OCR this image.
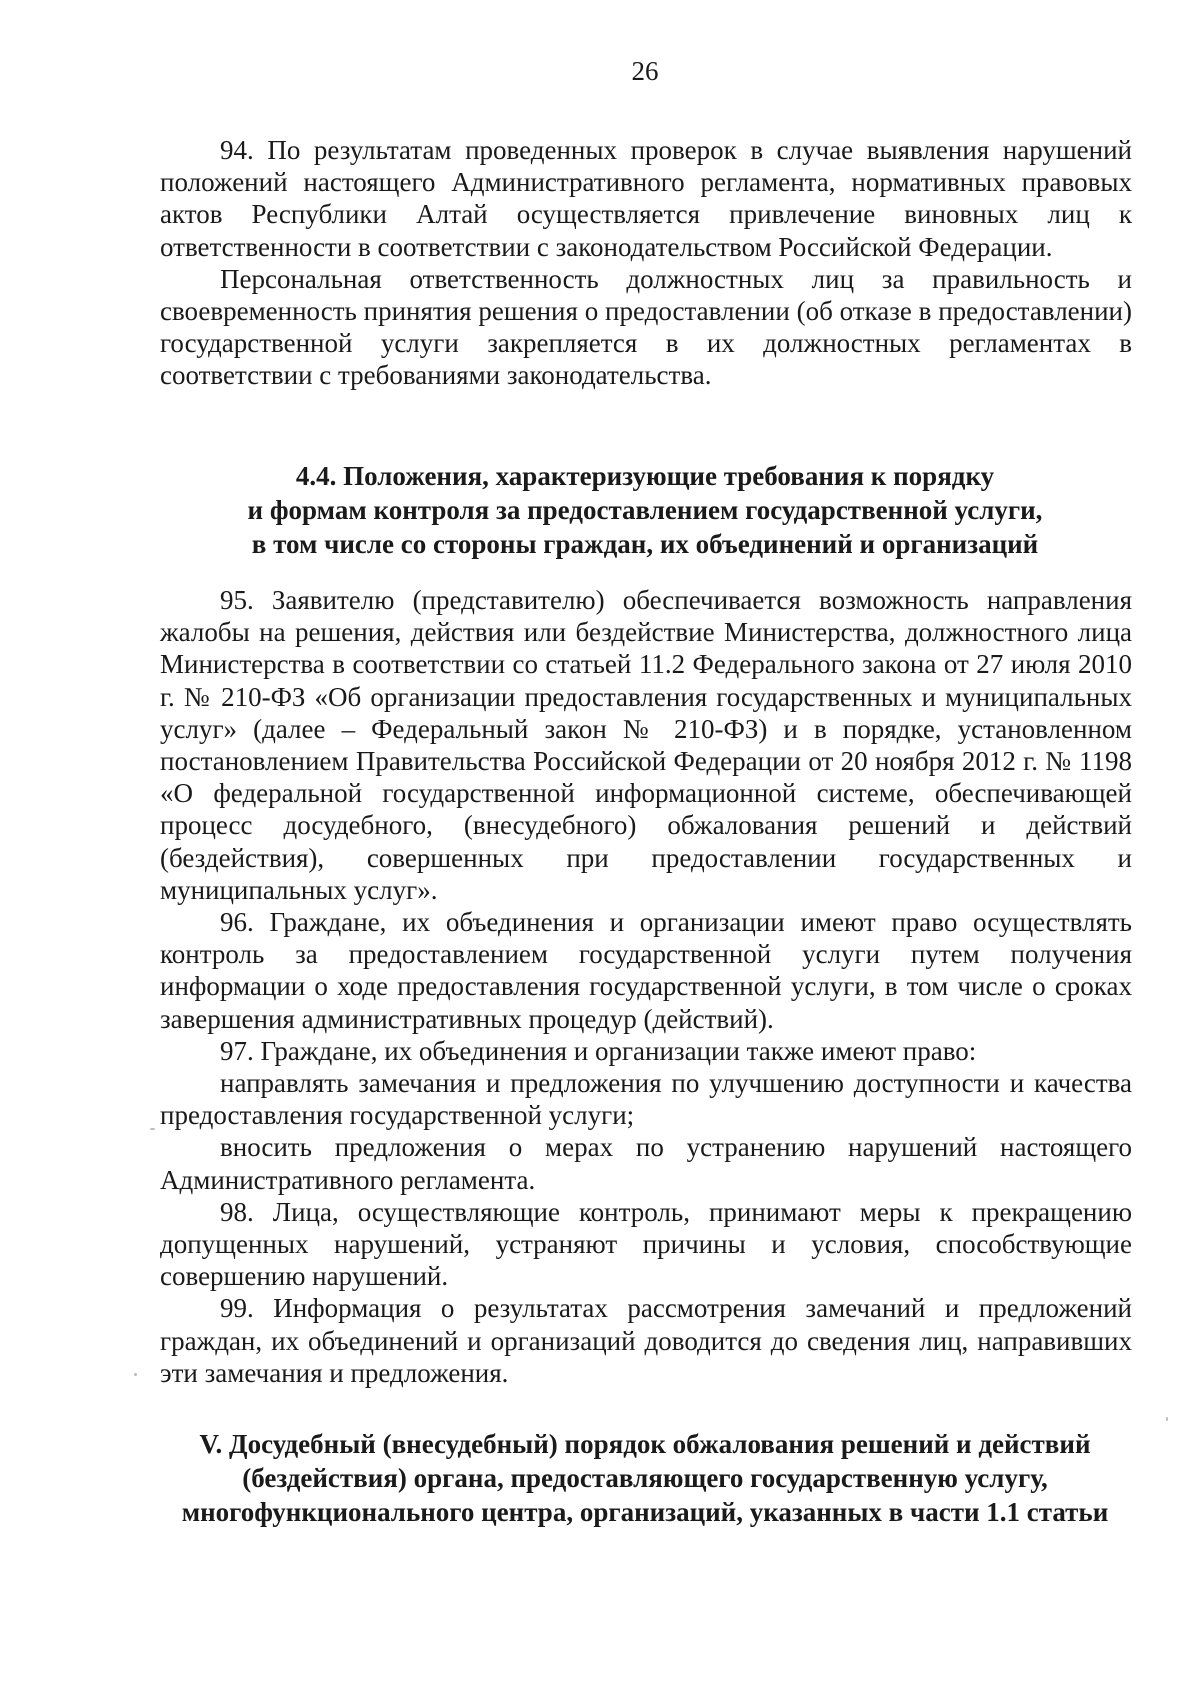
26

94. По результатам проведенных проверок в случае выявления нарушений положений настоящего Административного регламента, нормативных правовых актов Республики Алтай осуществляется привлечение виновных лиц к ответственности в соответствии с законодательством Российской Федерации.

Персональная ответственность должностных лиц за правильность и своевременность принятия решения о предоставлении (об отказе в предоставлении) государственной услуги закрепляется в их должностных регламентах в соответствии с требованиями законодательства.

4.4. Положения, характеризующие требования к порядку
и формам контроля за предоставлением государственной услуги,
в том числе со стороны граждан, их объединений и организаций

95. Заявителю (представителю) обеспечивается возможность направления жалобы на решения, действия или бездействие Министерства, должностного лица Министерства в соответствии со статьей 11.2 Федерального закона от 27 июля 2010 г. № 210-ФЗ «Об организации предоставления государственных и муниципальных услуг» (далее – Федеральный закон № 210-ФЗ) и в порядке, установленном постановлением Правительства Российской Федерации от 20 ноября 2012 г. № 1198 «О федеральной государственной информационной системе, обеспечивающей процесс досудебного, (внесудебного) обжалования решений и действий (бездействия), совершенных при предоставлении государственных и муниципальных услуг».

96. Граждане, их объединения и организации имеют право осуществлять контроль за предоставлением государственной услуги путем получения информации о ходе предоставления государственной услуги, в том числе о сроках завершения административных процедур (действий).

97. Граждане, их объединения и организации также имеют право:

направлять замечания и предложения по улучшению доступности и качества предоставления государственной услуги;

вносить предложения о мерах по устранению нарушений настоящего Административного регламента.

98. Лица, осуществляющие контроль, принимают меры к прекращению допущенных нарушений, устраняют причины и условия, способствующие совершению нарушений.

99. Информация о результатах рассмотрения замечаний и предложений граждан, их объединений и организаций доводится до сведения лиц, направивших эти замечания и предложения.

V. Досудебный (внесудебный) порядок обжалования решений и действий
(бездействия) органа, предоставляющего государственную услугу,
многофункционального центра, организаций, указанных в части 1.1 статьи
